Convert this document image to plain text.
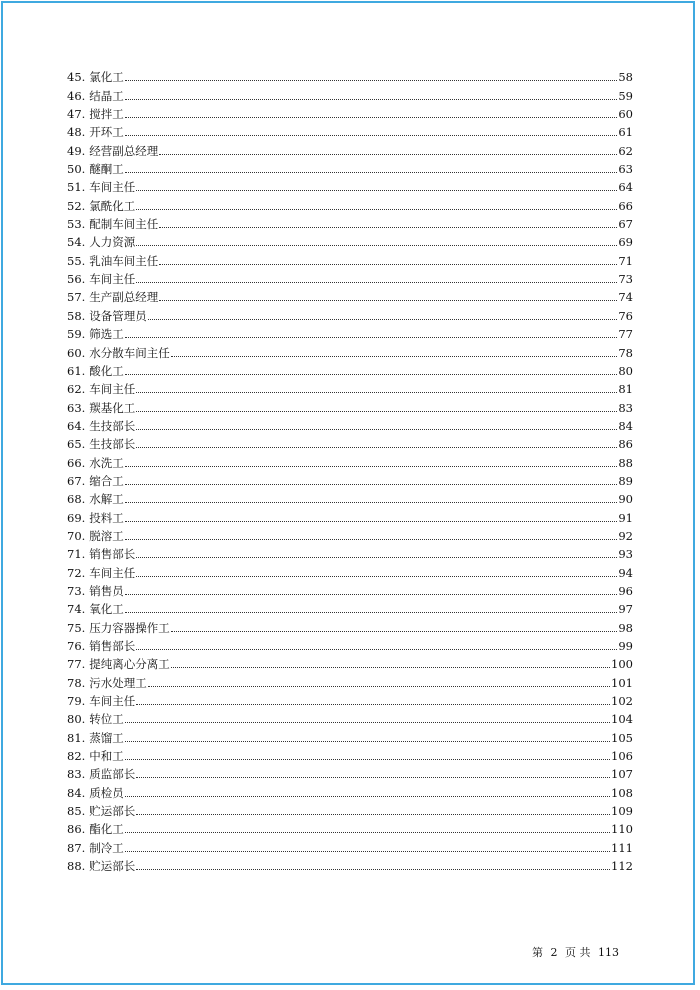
45. 氯化工	58
46. 结晶工	59
47. 搅拌工	60
48. 开环工	61
49. 经营副总经理	62
50. 醚酮工	63
51. 车间主任	64
52. 氯酰化工	66
53. 配制车间主任	67
54. 人力资源	69
55. 乳油车间主任	71
56. 车间主任	73
57. 生产副总经理	74
58. 设备管理员	76
59. 筛选工	77
60. 水分散车间主任	78
61. 酸化工	80
62. 车间主任	81
63. 羰基化工	83
64. 生技部长	84
65. 生技部长	86
66. 水洗工	88
67. 缩合工	89
68. 水解工	90
69. 投料工	91
70. 脱溶工	92
71. 销售部长	93
72. 车间主任	94
73. 销售员	96
74. 氧化工	97
75. 压力容器操作工	98
76. 销售部长	99
77. 提纯离心分离工	100
78. 污水处理工	101
79. 车间主任	102
80. 转位工	104
81. 蒸馏工	105
82. 中和工	106
83. 质监部长	107
84. 质检员	108
85. 贮运部长	109
86. 酯化工	110
87. 制冷工	111
88. 贮运部长	112
第 2 页 共 113
